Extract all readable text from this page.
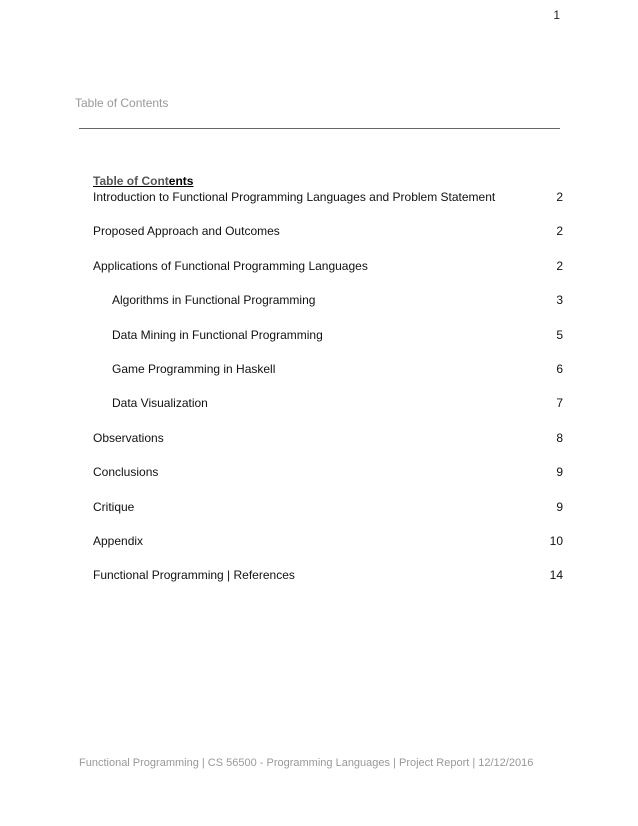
1
Table of Contents
Table of Contents
Introduction to Functional Programming Languages and Problem Statement	2
Proposed Approach and Outcomes	2
Applications of Functional Programming Languages	2
Algorithms in Functional Programming	3
Data Mining in Functional Programming	5
Game Programming in Haskell	6
Data Visualization	7
Observations	8
Conclusions	9
Critique	9
Appendix	10
Functional Programming | References	14
Functional Programming | CS 56500 - Programming Languages | Project Report | 12/12/2016
